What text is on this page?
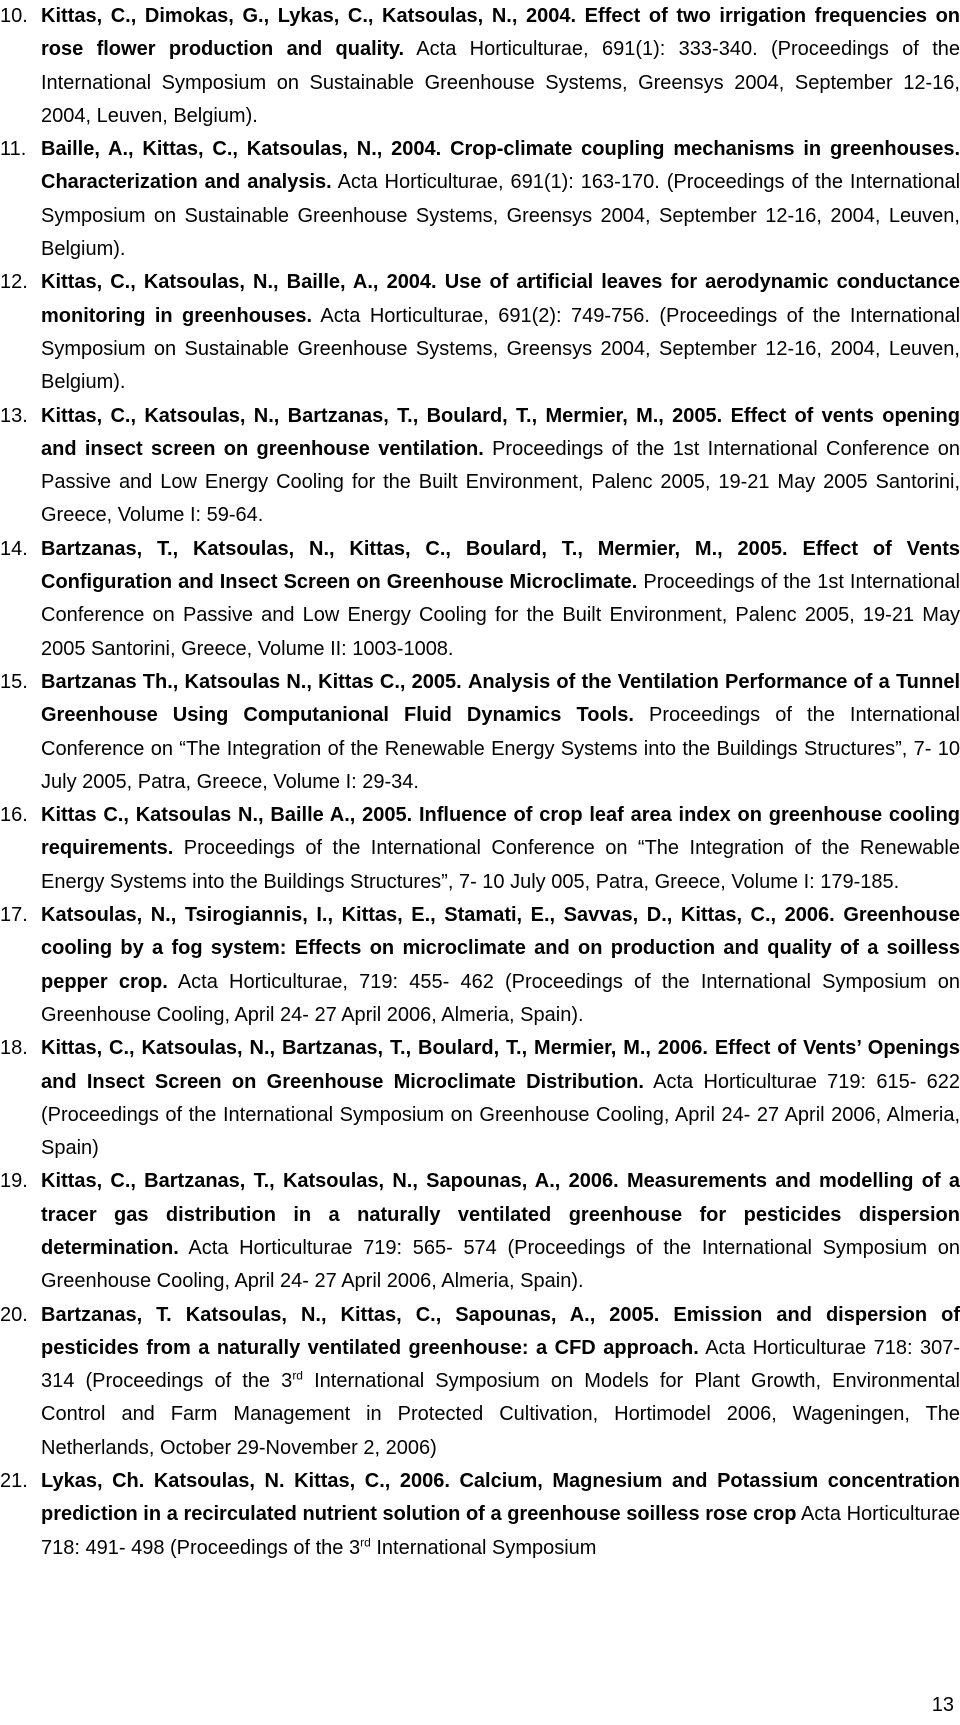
10. Kittas, C., Dimokas, G., Lykas, C., Katsoulas, N., 2004. Effect of two irrigation frequencies on rose flower production and quality. Acta Horticulturae, 691(1): 333-340. (Proceedings of the International Symposium on Sustainable Greenhouse Systems, Greensys 2004, September 12-16, 2004, Leuven, Belgium).
11. Baille, A., Kittas, C., Katsoulas, N., 2004. Crop-climate coupling mechanisms in greenhouses. Characterization and analysis. Acta Horticulturae, 691(1): 163-170. (Proceedings of the International Symposium on Sustainable Greenhouse Systems, Greensys 2004, September 12-16, 2004, Leuven, Belgium).
12. Kittas, C., Katsoulas, N., Baille, A., 2004. Use of artificial leaves for aerodynamic conductance monitoring in greenhouses. Acta Horticulturae, 691(2): 749-756. (Proceedings of the International Symposium on Sustainable Greenhouse Systems, Greensys 2004, September 12-16, 2004, Leuven, Belgium).
13. Kittas, C., Katsoulas, N., Bartzanas, T., Boulard, T., Mermier, M., 2005. Effect of vents opening and insect screen on greenhouse ventilation. Proceedings of the 1st International Conference on Passive and Low Energy Cooling for the Built Environment, Palenc 2005, 19-21 May 2005 Santorini, Greece, Volume I: 59-64.
14. Bartzanas, T., Katsoulas, N., Kittas, C., Boulard, T., Mermier, M., 2005. Effect of Vents Configuration and Insect Screen on Greenhouse Microclimate. Proceedings of the 1st International Conference on Passive and Low Energy Cooling for the Built Environment, Palenc 2005, 19-21 May 2005 Santorini, Greece, Volume II: 1003-1008.
15. Bartzanas Th., Katsoulas N., Kittas C., 2005. Analysis of the Ventilation Performance of a Tunnel Greenhouse Using Computanional Fluid Dynamics Tools. Proceedings of the International Conference on “The Integration of the Renewable Energy Systems into the Buildings Structures”, 7- 10 July 2005, Patra, Greece, Volume I: 29-34.
16. Kittas C., Katsoulas N., Baille A., 2005. Influence of crop leaf area index on greenhouse cooling requirements. Proceedings of the International Conference on “The Integration of the Renewable Energy Systems into the Buildings Structures”, 7- 10 July 005, Patra, Greece, Volume I: 179-185.
17. Katsoulas, N., Tsirogiannis, I., Kittas, E., Stamati, E., Savvas, D., Kittas, C., 2006. Greenhouse cooling by a fog system: Effects on microclimate and on production and quality of a soilless pepper crop. Acta Horticulturae, 719: 455- 462 (Proceedings of the International Symposium on Greenhouse Cooling, April 24- 27 April 2006, Almeria, Spain).
18. Kittas, C., Katsoulas, N., Bartzanas, T., Boulard, T., Mermier, M., 2006. Effect of Vents’ Openings and Insect Screen on Greenhouse Microclimate Distribution. Acta Horticulturae 719: 615- 622 (Proceedings of the International Symposium on Greenhouse Cooling, April 24- 27 April 2006, Almeria, Spain)
19. Kittas, C., Bartzanas, T., Katsoulas, N., Sapounas, A., 2006. Measurements and modelling of a tracer gas distribution in a naturally ventilated greenhouse for pesticides dispersion determination. Acta Horticulturae 719: 565- 574 (Proceedings of the International Symposium on Greenhouse Cooling, April 24- 27 April 2006, Almeria, Spain).
20. Bartzanas, T. Katsoulas, N., Kittas, C., Sapounas, A., 2005. Emission and dispersion of pesticides from a naturally ventilated greenhouse: a CFD approach. Acta Horticulturae 718: 307- 314 (Proceedings of the 3rd International Symposium on Models for Plant Growth, Environmental Control and Farm Management in Protected Cultivation, Hortimodel 2006, Wageningen, The Netherlands, October 29-November 2, 2006)
21. Lykas, Ch. Katsoulas, N. Kittas, C., 2006. Calcium, Magnesium and Potassium concentration prediction in a recirculated nutrient solution of a greenhouse soilless rose crop Acta Horticulturae 718: 491- 498 (Proceedings of the 3rd International Symposium
13
